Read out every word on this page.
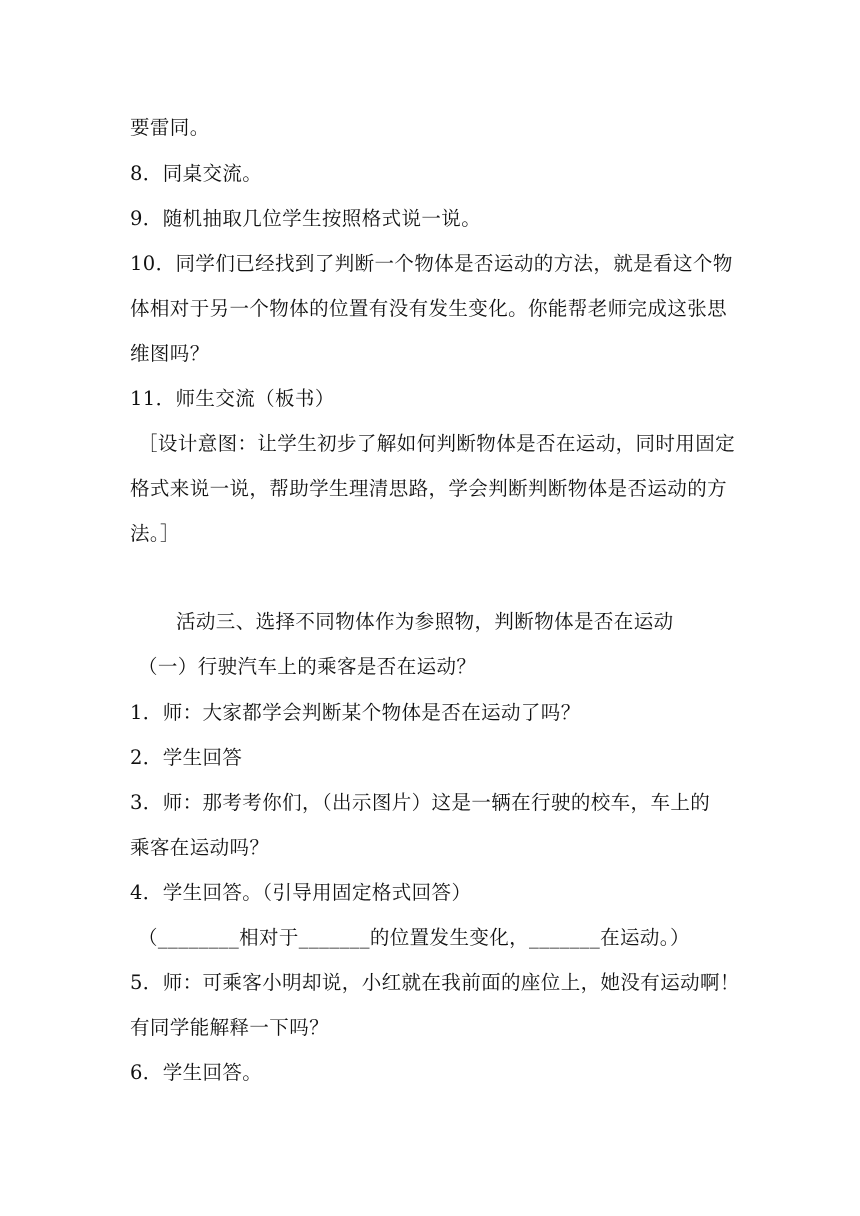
要雷同。
8．同桌交流。
9．随机抽取几位学生按照格式说一说。
10．同学们已经找到了判断一个物体是否运动的方法，就是看这个物
体相对于另一个物体的位置有没有发生变化。你能帮老师完成这张思
维图吗？
11．师生交流（板书）
［设计意图：让学生初步了解如何判断物体是否在运动，同时用固定
格式来说一说，帮助学生理清思路，学会判断判断物体是否运动的方
法。］
活动三、选择不同物体作为参照物，判断物体是否在运动
（一）行驶汽车上的乘客是否在运动？
1．师：大家都学会判断某个物体是否在运动了吗？
2．学生回答
3．师：那考考你们，（出示图片）这是一辆在行驶的校车，车上的
乘客在运动吗？
4．学生回答。（引导用固定格式回答）
（________相对于_______的位置发生变化，_______在运动。）
5．师：可乘客小明却说，小红就在我前面的座位上，她没有运动啊！
有同学能解释一下吗？
6．学生回答。
